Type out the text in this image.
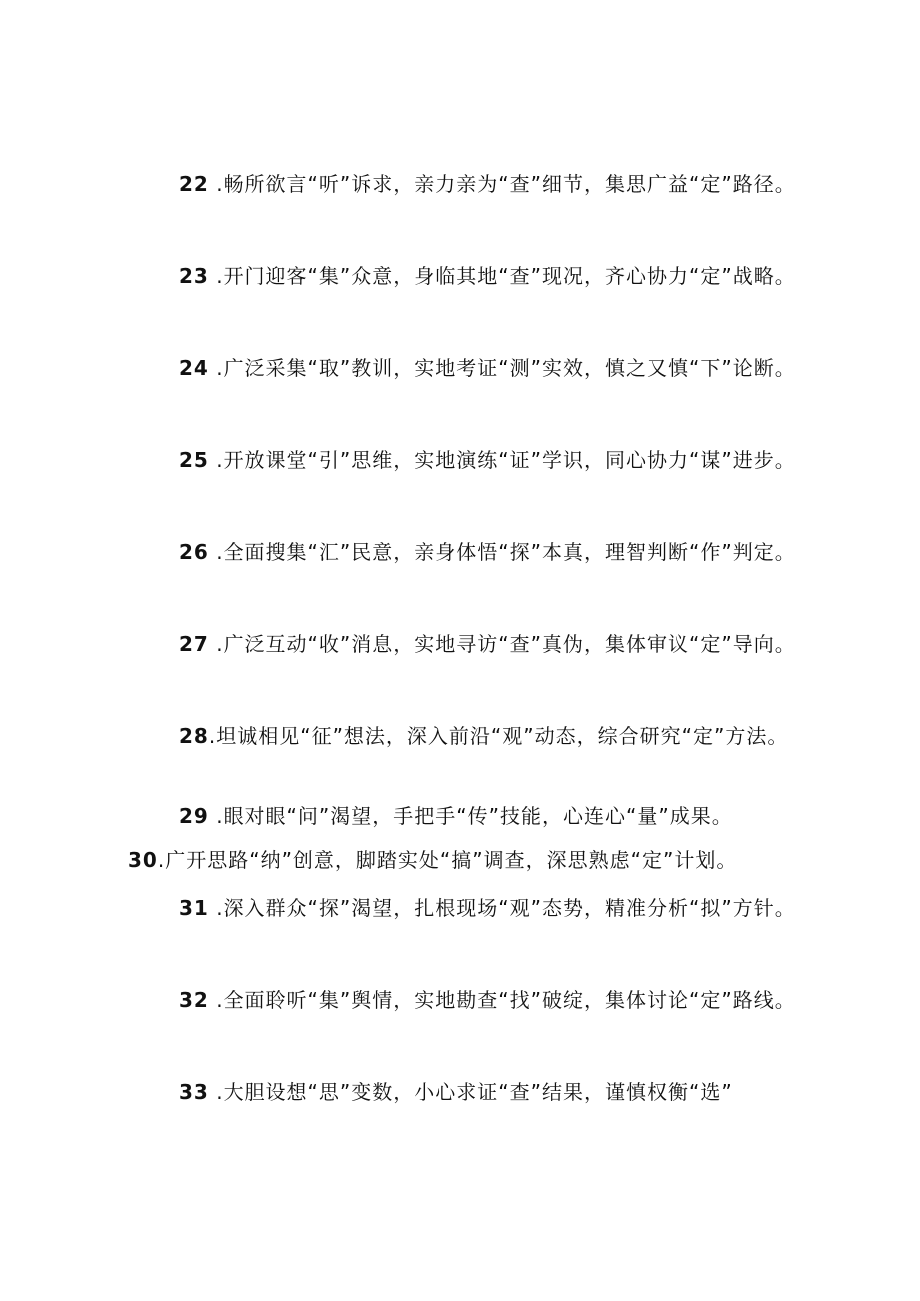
22 .畅所欲言“听”诉求，亲力亲为“查”细节，集思广益“定”路径。

23 .开门迎客“集”众意，身临其地“查”现况，齐心协力“定”战略。

24 .广泛采集“取”教训，实地考证“测”实效，慎之又慎“下”论断。

25 .开放课堂“引”思维，实地演练“证”学识，同心协力“谋”进步。

26 .全面搜集“汇”民意，亲身体悟“探”本真，理智判断“作”判定。

27 .广泛互动“收”消息，实地寻访“查”真伪，集体审议“定”导向。

28.坦诚相见“征”想法，深入前沿“观”动态，综合研究“定”方法。

29 .眼对眼“问”渴望，手把手“传”技能，心连心“量”成果。

30.广开思路“纳”创意，脚踏实处“搞”调查，深思熟虑“定”计划。

31 .深入群众“探”渴望，扎根现场“观”态势，精准分析“拟”方针。

32 .全面聆听“集”舆情，实地勘查“找”破绽，集体讨论“定”路线。

33 .大胆设想“思”变数，小心求证“查”结果，谨慎权衡“选”
